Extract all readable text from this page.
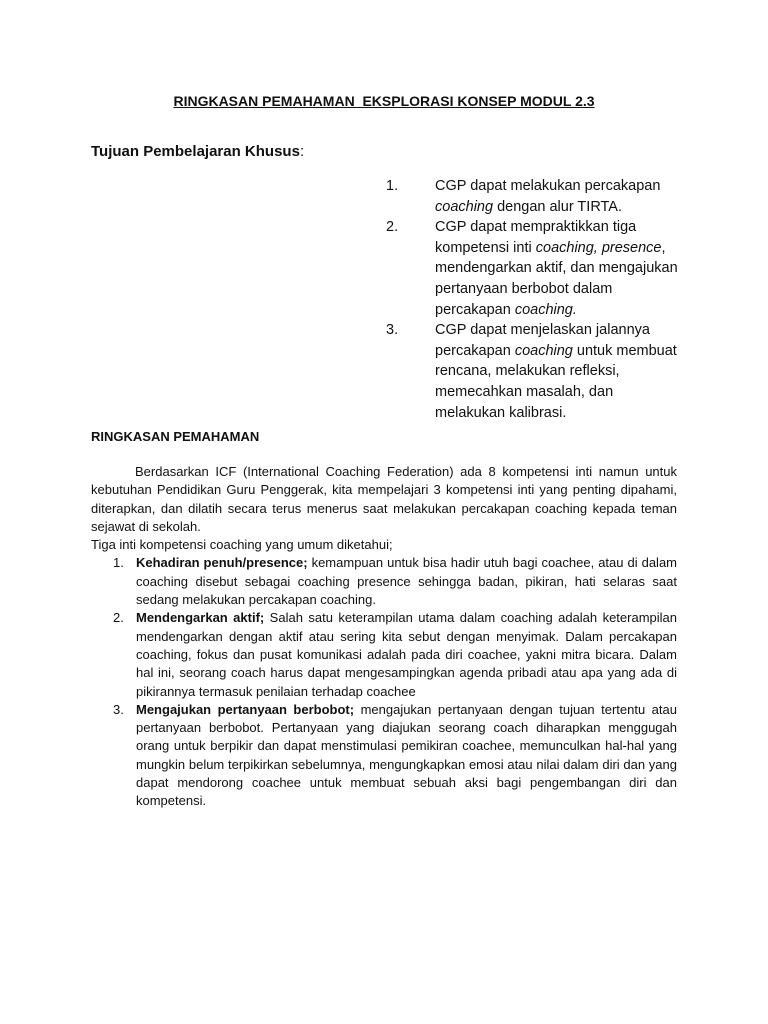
RINGKASAN PEMAHAMAN  EKSPLORASI KONSEP MODUL 2.3
Tujuan Pembelajaran Khusus:
1.	CGP dapat melakukan percakapan coaching dengan alur TIRTA.
2.	CGP dapat mempraktikkan tiga kompetensi inti coaching, presence, mendengarkan aktif, dan mengajukan pertanyaan berbobot dalam percakapan coaching.
3.	CGP dapat menjelaskan jalannya percakapan coaching untuk membuat rencana, melakukan refleksi, memecahkan masalah, dan melakukan kalibrasi.
RINGKASAN PEMAHAMAN

Berdasarkan ICF (International Coaching Federation) ada 8 kompetensi inti namun untuk kebutuhan Pendidikan Guru Penggerak, kita mempelajari 3 kompetensi inti yang penting dipahami, diterapkan, dan dilatih secara terus menerus saat melakukan percakapan coaching kepada teman sejawat di sekolah.

Tiga inti kompetensi coaching yang umum diketahui;

1. Kehadiran penuh/presence; kemampuan untuk bisa hadir utuh bagi coachee, atau di dalam coaching disebut sebagai coaching presence sehingga badan, pikiran, hati selaras saat sedang melakukan percakapan coaching.
2. Mendengarkan aktif; Salah satu keterampilan utama dalam coaching adalah keterampilan mendengarkan dengan aktif atau sering kita sebut dengan menyimak. Dalam percakapan coaching, fokus dan pusat komunikasi adalah pada diri coachee, yakni mitra bicara. Dalam hal ini, seorang coach harus dapat mengesampingkan agenda pribadi atau apa yang ada di pikirannya termasuk penilaian terhadap coachee
3. Mengajukan pertanyaan berbobot; mengajukan pertanyaan dengan tujuan tertentu atau pertanyaan berbobot. Pertanyaan yang diajukan seorang coach diharapkan menggugah orang untuk berpikir dan dapat menstimulasi pemikiran coachee, memunculkan hal-hal yang mungkin belum terpikirkan sebelumnya, mengungkapkan emosi atau nilai dalam diri dan yang dapat mendorong coachee untuk membuat sebuah aksi bagi pengembangan diri dan kompetensi.
